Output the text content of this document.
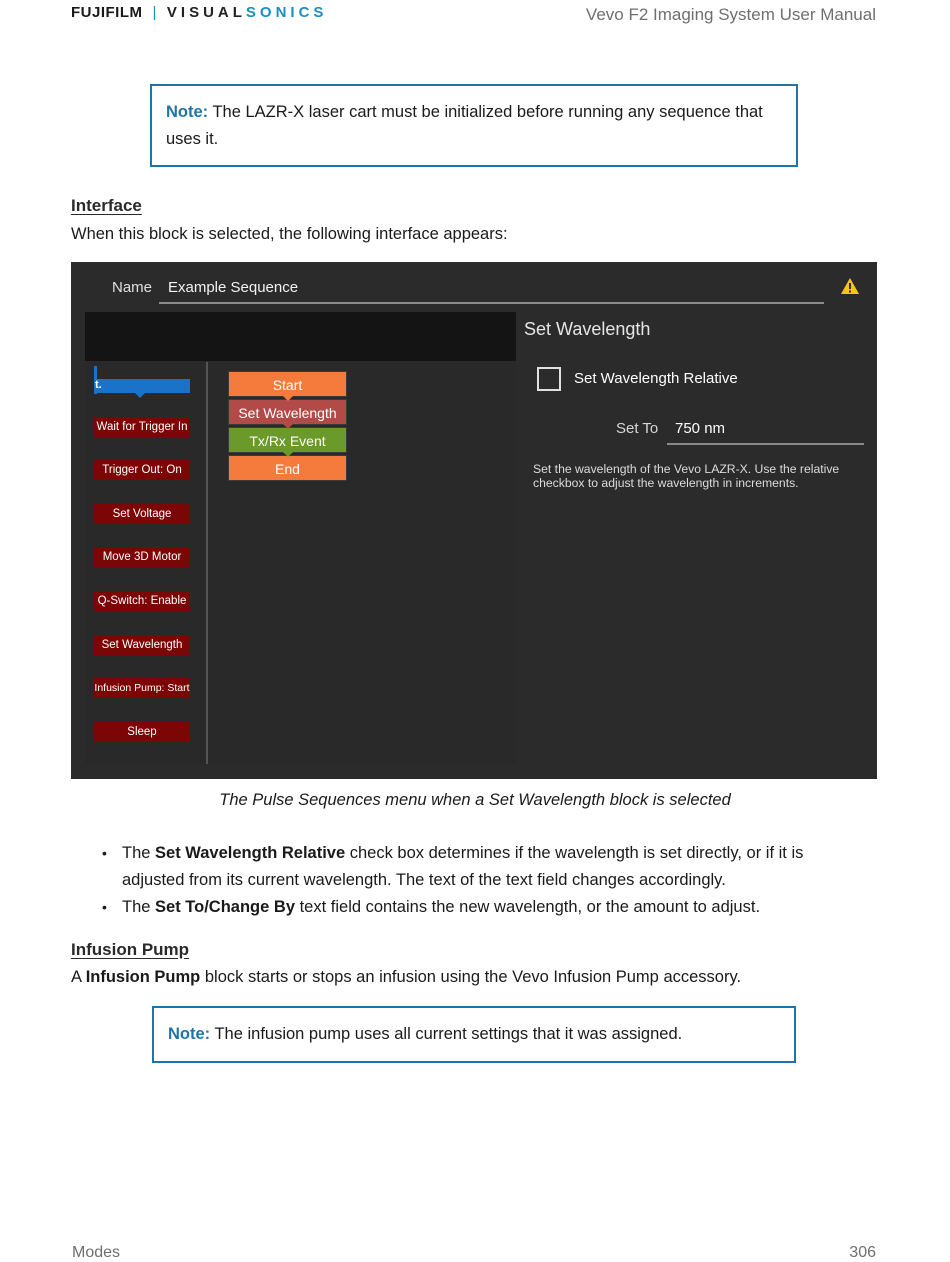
FUJIFILM | VISUAL SONICS	Vevo F2 Imaging System User Manual
Note: The LAZR-X laser cart must be initialized before running any sequence that uses it.
Interface
When this block is selected, the following interface appears:
Name Example Sequence
t.
Wait for Trigger In
Trigger Out: On
Set Voltage
Move 3D Motor
Q-Switch: Enable
Set Wavelength
Infusion Pump: Start
Sleep
Start
Set Wavelength
Tx/Rx Event
End
Set Wavelength
Set Wavelength Relative
Set To 750 nm
Set the wavelength of the Vevo LAZR-X. Use the relative checkbox to adjust the wavelength in increments.
The Pulse Sequences menu when a Set Wavelength block is selected
• The Set Wavelength Relative check box determines if the wavelength is set directly, or if it is adjusted from its current wavelength. The text of the text field changes accordingly.
• The Set To/Change By text field contains the new wavelength, or the amount to adjust.
Infusion Pump
A Infusion Pump block starts or stops an infusion using the Vevo Infusion Pump accessory.
Note: The infusion pump uses all current settings that it was assigned.
Modes	306
